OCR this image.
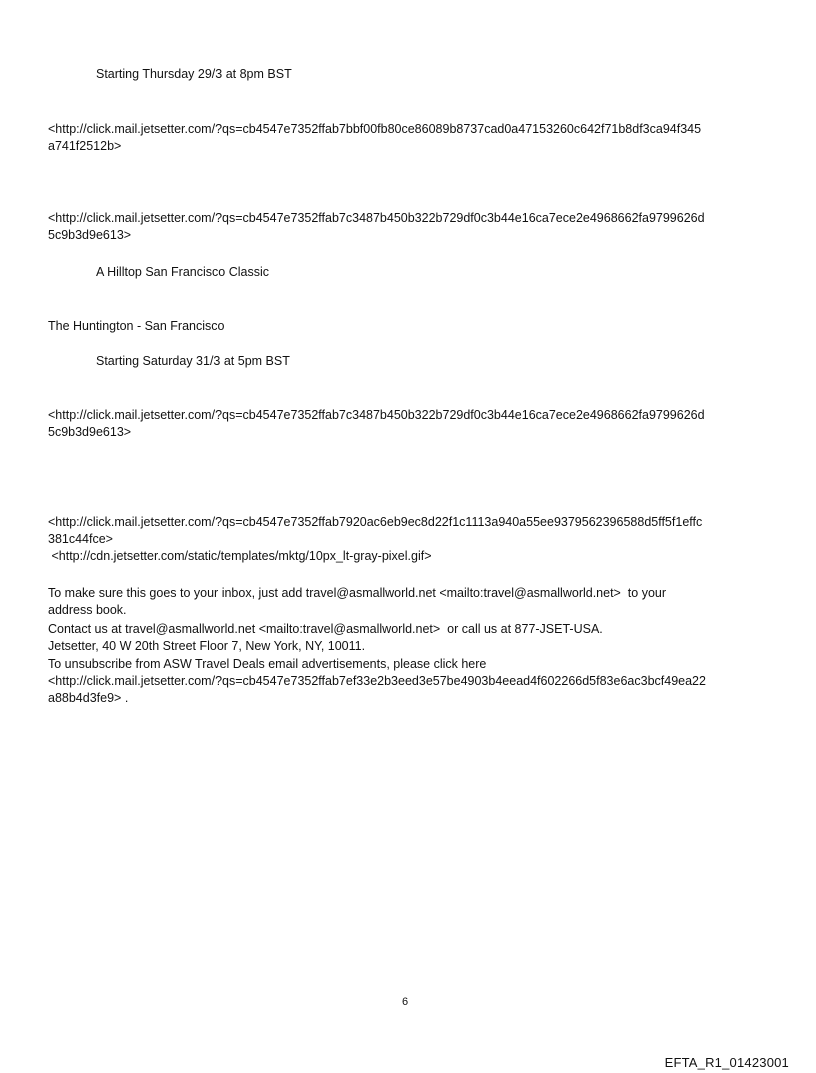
Starting Thursday 29/3 at 8pm BST
<http://click.mail.jetsetter.com/?qs=cb4547e7352ffab7bbf00fb80ce86089b8737cad0a47153260c642f71b8df3ca94f345
a741f2512b>
<http://click.mail.jetsetter.com/?qs=cb4547e7352ffab7c3487b450b322b729df0c3b44e16ca7ece2e4968662fa9799626d
5c9b3d9e613>
A Hilltop San Francisco Classic
The Huntington - San Francisco
Starting Saturday 31/3 at 5pm BST
<http://click.mail.jetsetter.com/?qs=cb4547e7352ffab7c3487b450b322b729df0c3b44e16ca7ece2e4968662fa9799626d
5c9b3d9e613>
<http://click.mail.jetsetter.com/?qs=cb4547e7352ffab7920ac6eb9ec8d22f1c1113a940a55ee9379562396588d5ff5f1effc
381c44fce>
<http://cdn.jetsetter.com/static/templates/mktg/10px_lt-gray-pixel.gif>
To make sure this goes to your inbox, just add travel@asmallworld.net <mailto:travel@asmallworld.net>  to your
address book.
Contact us at travel@asmallworld.net <mailto:travel@asmallworld.net>  or call us at 877-JSET-USA.
Jetsetter, 40 W 20th Street Floor 7, New York, NY, 10011.
To unsubscribe from ASW Travel Deals email advertisements, please click here
<http://click.mail.jetsetter.com/?qs=cb4547e7352ffab7ef33e2b3eed3e57be4903b4eead4f602266d5f83e6ac3bcf49ea22
a88b4d3fe9> .
6
EFTA_R1_01423001
